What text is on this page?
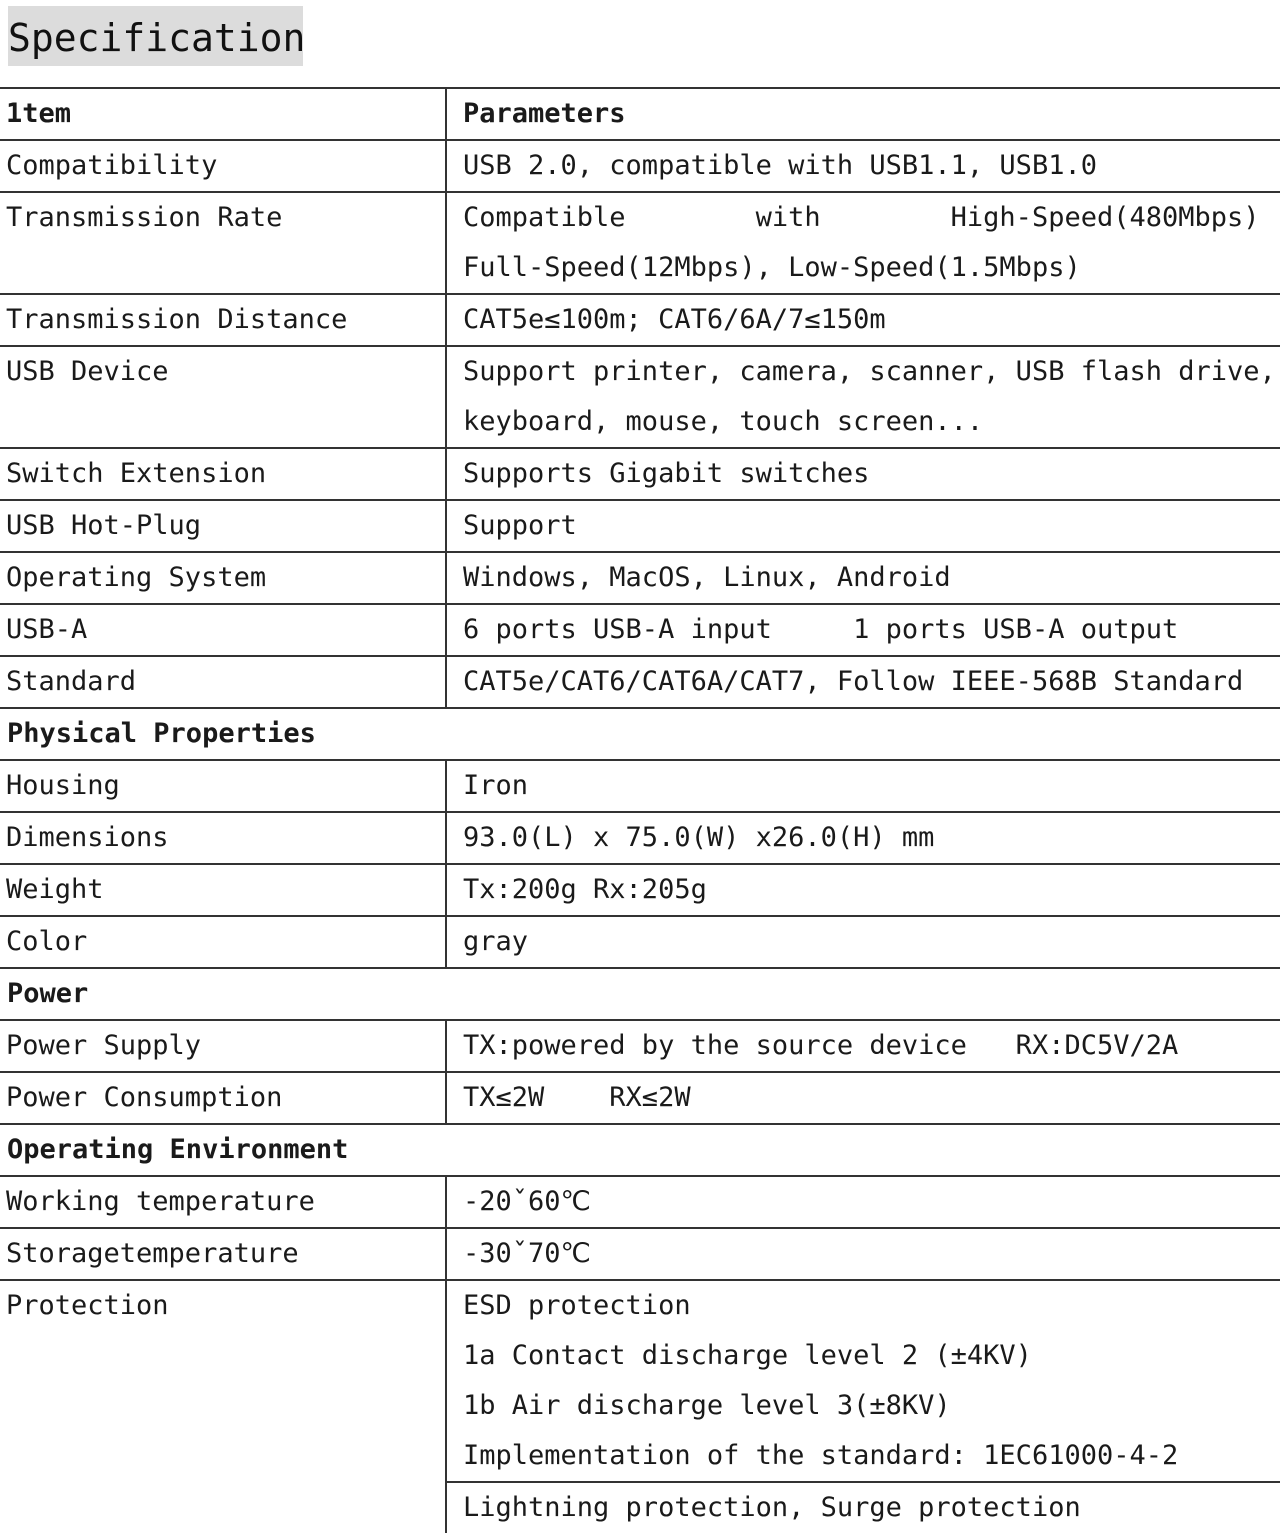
Specification
1tem	Parameters
Compatibility	USB 2.0, compatible with USB1.1, USB1.0

Transmission Rate	Compatible        with        High-Speed(480Mbps)
Full-Speed(12Mbps), Low-Speed(1.5Mbps)

Transmission Distance	CAT5e≤100m; CAT6/6A/7≤150m

USB Device	Support printer, camera, scanner, USB flash drive,
keyboard, mouse, touch screen...

Switch Extension	Supports Gigabit switches

USB Hot-Plug	Support

Operating System	Windows, MacOS, Linux, Android

USB-A	6 ports USB-A input     1 ports USB-A output

Standard	CAT5e/CAT6/CAT6A/CAT7, Follow IEEE-568B Standard

Physical Properties	
Housing	Iron

Dimensions	93.0(L) x 75.0(W) x26.0(H) mm

Weight	Tx:200g Rx:205g

Color	gray

Power	
Power Supply	TX:powered by the source device   RX:DC5V/2A

Power Consumption	TX≤2W    RX≤2W

Operating Environment	
Working temperature	-20ˇ60℃

Storagetemperature	-30ˇ70℃

Protection	ESD protection
1a Contact discharge level 2 (±4KV)
1b Air discharge level 3(±8KV)
Implementation of the standard: 1EC61000-4-2

	Lightning protection, Surge protection
